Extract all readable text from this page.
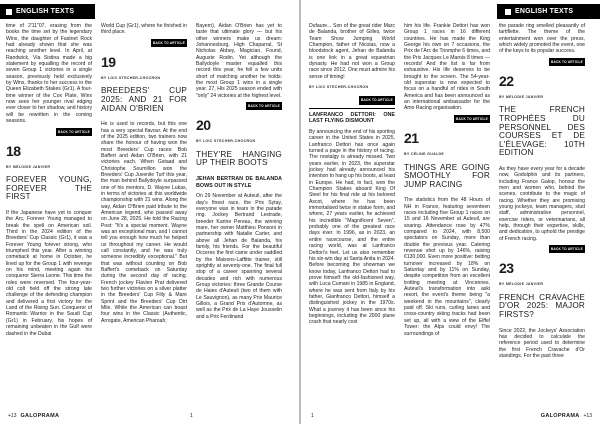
ENGLISH TEXTS

time of 2'11"07, erasing from the books the time set by the legendary Winx, the daughter of Fastnet Rock had already shown that she was reaching another level. In April, at Randwick, Via Sistina made a big statement by equalling the record of seven Group 1 victories in a single season, previously held exclusively by Winx, thanks to her success in the Queen Elizabeth Stakes (Gr1). A four-time winner of the Cox Plate, Winx now sees her younger rival edging ever closer to her shadow, and history will be rewritten in the coming seasons.

BACK TO ARTICLE
18
BY MÉLODIE JANVIER
FOREVER YOUNG, FOREVER THE FIRST

If the Japanese have yet to conquer the Arc, Forever Young managed to break the spell on American soil. Third in the 2024 edition of the Breeders' Cup Classic (Gr1), it was a Forever Young forever strong, who triumphed this year. After a winning comeback at home in October, he lined up for the Group 1 with revenge on his mind, meeting again his conqueror Sierra Leone. This time the roles were reversed. The four-year-old colt held off the strong late challenge of the defending champion and delivered a first victory for the Land of the Rising Sun. Conqueror of Romantic Warrior in the Saudi Cup (Gr1) in February, his hopes of remaining unbeaten in the Gulf were dashed in the Dubai

World Cup (Gr1), where he finished in third place.

BACK TO ARTICLE
19
BY LOIC STECHER-CHOCRON
BREEDERS' CUP 2025: AND 21 FOR AIDAN O'BRIEN

He is used to records, but this one has a very special flavour. At the end of the 2025 edition, two trainers now share the honour of having won the most Breeders' Cup races: Bob Baffert and Aidan O'Brien, with 21 victories each. When Gstaad and Christophe Soumillon won the Breeders' Cup Juvenile Turf this year, the man behind Ballydoyle surpassed one of his mentors, D. Wayne Lukas, in terms of victories at this worldwide championship with 21 wins. Along the way, Aidan O'Brien paid tribute to the American legend, who passed away on June 28, 2025. He told the Racing Post: "It's a special moment. Wayne was an exceptional man, and I cannot tell you enough how much he helped us throughout my career. He would call constantly, and he was truly someone incredibly exceptional." But that was without counting on Bob Baffert's comeback on Saturday during the second day of racing. French jockey Flavien Prat delivered two further victories on a silver platter in the Breeders' Cup Filly & Mare Sprint and the Breeders' Cup Dirt Mile. While the American can boast four wins in the Classic (Authentic, Arrogate, American Pharoah,

Bayern), Aidan O'Brien has yet to taste that ultimate glory — but his other winners make us dream: Johannesburg, High Chaparral, St Nicholas Abbey, Magician, Found, Auguste Rodin. Yet although the Ballydoyle master equalled this record this year, he fell a few units short of matching another he holds: the most Group 1 wins in a single year. 27, His 2025 season ended with "only" 24 victories at the highest level.

BACK TO ARTICLE
20
BY LOIC STECHER-CHOCRON
THEY'RE HANGING UP THEIR BOOTS
JEHAN BERTRAN DE BALANDA BOWS OUT IN STYLE

On 29 November at Auteuil, after the day's finest race, the Prix Sytay, everyone was in tears in the parade ring. Jockey Bertrand Lestrade, breeder Karine Pereau, the winning mare, her owner Matthieu Ponsoni in partnership with Natalie Carter, and above all Jehan de Balanda, his family, his friends. For the beautiful Occeres the first came under saddled by the Maisons-Laffitte trainer, still sprightly at seventy-one. The final full stop of a career spanning several decades and rich with numerous Group victories: three Grande Course de Haies d'Auteuil (two of them with Le Sauvignon), as many Prix Maurice Gillois, a Grand Prix d'Automne, as well as the Prix de La Haye Jousselin and a Prix Ferdinand

+13 GALOPRAMA	1
ENGLISH TEXTS

Dufaure... Son of the great rider Marc de Balanda, brother of Gilles, twice Team Show Jumping World Champion, father of Nicolas, now a bloodstock agent, Jehan de Balanda is one link in a great equestrian dynasty. He had not won a Group race since 2012. One must admire his sense of timing!

BY LOIC STECHER-CHOCRON
BACK TO ARTICLE
LANFRANCO DETTORI: ONE LAST FLYING DISMOUNT

By announcing the end of his sporting career in the United States in 2025, Lanfranco Dettori has once again turned a page in the history of racing. The nostalgy is already missed. Two years earlier, in 2023, the superstar jockey had already announced his intention to hang up his boots, at least in Europe. He had, in fact, won the Champion Stakes aboard King Of Steel for his final ride at his beloved Ascot, where he has been immortalised twice in statue form, and where, 27 years earlier, he achieved his incredible "Magnificent Seven", probably one of the greatest race days ever. In 1996, as in 2023, an entire racecourse, and the entire racing world, was at Lanfranco Dettori's feet. Let us also remember his six-win day at Santa Anita in 2024. Before becoming the showman we know today, Lanfranco Dettori had to prove himself: the old-fashioned way, with Luca Cumani in 1985 in England, where he was sent from Italy by his father, Gianfranco Dettori, himself a distinguished jockey in the 1970s. What a journey it has been since his beginnings, including the 2000 plane crash that nearly cost

him his life. Frankie Dettori has won Group 1 races in 16 different countries. He has made the King George his own on 7 occasions, the Prix de l'Arc de Triomphe 6 times, and the Prix Jacques Le Marois 8 times — records! And the list is far from exhaustive. His life deserves to be brought to the screen. The 54-year-old superstar is now expected to focus on a handful of rides in South America and has been announced as an international ambassador for the Amo Racing organisation.

BACK TO ARTICLE
21
BY CÉLINE GUALDE
THINGS ARE GOING SMOOTHLY FOR JUMP RACING

The statistics from the 48 Hours of NH in France, featuring seventeen races including five Group 1 races on 15 and 16 November at Auteuil, are soaring. Attendance rose by 47% compared to 2024, with 8,500 spectators on Sunday, more than double the previous year. Catering revenue shot up by 146%, raising €130,000. Even more positive: betting turnover increased by 18% on Saturday and by 11% on Sunday, despite competition from an excellent trotting meeting at Vincennes. Auteuil's transformation into aski resort, the event's theme being "a weekend in the mountains", clearly paid off. Ski runs, curling lanes and cross-country skiing tracks had been set up, all with a view of the Eiffel Tower: the Alps could envy! The surroundings of

the parade ring smelled pleasantly of tartiflette. The theme of the entertainment won over the press, which widely promoted the event, one of the keys to its popular success.

BACK TO ARTICLE
22
BY MÉLODIE JANVIER
THE FRENCH TROPHÉES DU PERSONNEL DES COURSES ET DE L'ÉLEVAGE: 10TH EDITION

As they have every year for a decade now, Godolphin and its partners, including France Galop, honour the men and women who, behind the scenes, contribute to the magic of racing. Whether they are promising young jockeys, team managers, stud staff, administrative personnel, exercise riders, or veterinarians, all help, through their expertise, skills, and dedication, to uphold the prestige of French racing.

BACK TO ARTICLE
23
BY MÉLODIE JANVIER
FRENCH CRAVACHE D'OR 2025: MAJOR FIRSTS?

Since 2022, the Jockeys' Association has decided to calculate the reference period used to determine the first French Cravache d'Or standings. For the past three

1	GALOPRAMA +13
